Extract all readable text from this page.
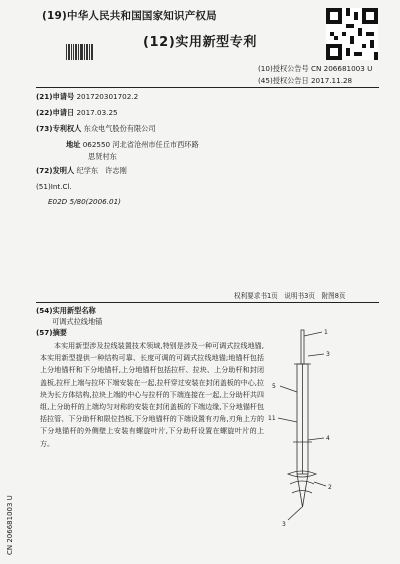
(19)中华人民共和国国家知识产权局
(12)实用新型专利
(10)授权公告号 CN 206681003 U
(45)授权公告日 2017.11.28
(21)申请号 201720301702.2
(22)申请日 2017.03.25
(73)专利权人 东众电气股份有限公司
地址 062550 河北省沧州市任丘市西环路
思贤村东
(72)发明人 纪学东　许志刚
(51)Int.Cl.
E02D 5/80(2006.01)
权利要求书1页　说明书3页　附图8页
(54)实用新型名称
可调式拉线地锚
(57)摘要
本实用新型涉及拉线装置技术领域,特别是涉及一种可调式拉线地锚,本实用新型提供一种结构可靠、长度可调的可调式拉线地锚;地锚杆包括上分地锚杆和下分地锚杆,上分地锚杆包括拉杆、拉块、上分助杆和封闭盖板,拉杆上端与拉环下端安装在一起,拉杆穿过安装在封闭盖板的中心,拉块为长方体结构,拉块上端的中心与拉杆的下端连接在一起,上分助杆共四组,上分助杆的上端均匀对称的安装在封闭盖板的下端边缘,下分地锚杆包括拉管、下分助杆和限位挡板,下分地锚杆的下端设置有刃角,刃角上方的下分地锚杆的外侧壁上安装有螺旋叶片,下分助杆设置在螺旋叶片的上方。
1
3
5
11
4
2
3
CN 206681003 U
